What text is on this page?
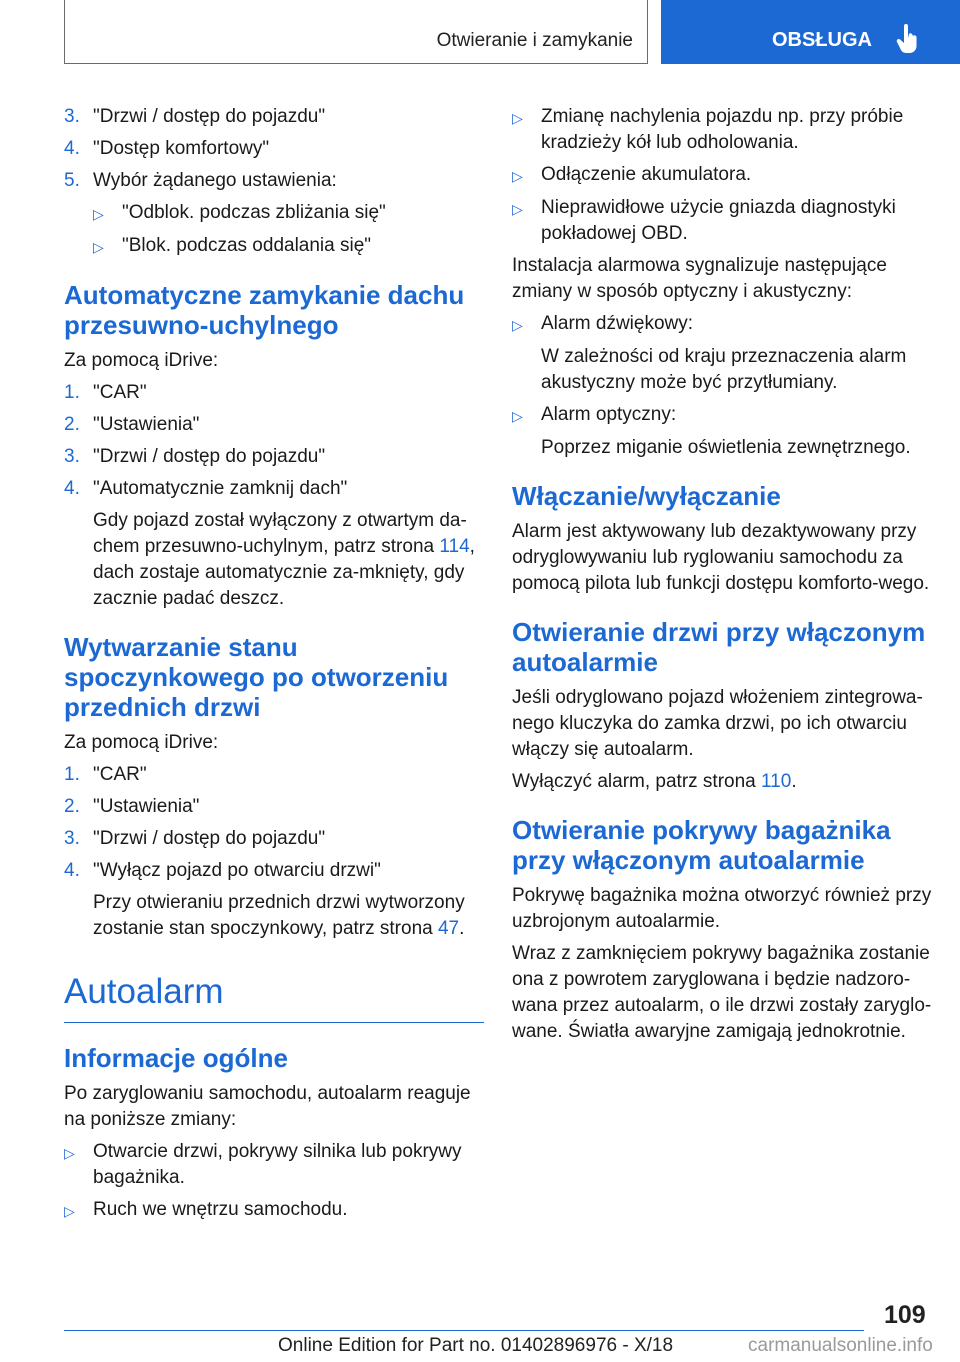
Otwieranie i zamykanie	OBSŁUGA
3. "Drzwi / dostęp do pojazdu"
4. "Dostęp komfortowy"
5. Wybór żądanego ustawienia:
▷ "Odblok. podczas zbliżania się"
▷ "Blok. podczas oddalania się"
Automatyczne zamykanie dachu przesuwno-uchylnego

Za pomocą iDrive:

1. "CAR"
2. "Ustawienia"
3. "Drzwi / dostęp do pojazdu"
4. "Automatycznie zamknij dach"
Gdy pojazd został wyłączony z otwartym da‐chem przesuwno-uchylnym, patrz strona 114, dach zostaje automatycznie za‐mknięty, gdy zacznie padać deszcz.
Wytwarzanie stanu spoczynkowego po otworzeniu przednich drzwi

Za pomocą iDrive:

1. "CAR"
2. "Ustawienia"
3. "Drzwi / dostęp do pojazdu"
4. "Wyłącz pojazd po otwarciu drzwi"
Przy otwieraniu przednich drzwi wytworzony zostanie stan spoczynkowy, patrz strona 47.
Autoalarm
Informacje ogólne

Po zaryglowaniu samochodu, autoalarm reaguje na poniższe zmiany:

▷ Otwarcie drzwi, pokrywy silnika lub pokrywy bagażnika.
▷ Ruch we wnętrzu samochodu.
▷ Zmianę nachylenia pojazdu np. przy próbie kradzieży kół lub odholowania.
▷ Odłączenie akumulatora.
▷ Nieprawidłowe użycie gniazda diagnostyki pokładowej OBD.

Instalacja alarmowa sygnalizuje następujące zmiany w sposób optyczny i akustyczny:

▷ Alarm dźwiękowy:
W zależności od kraju przeznaczenia alarm akustyczny może być przytłumiany.
▷ Alarm optyczny:
Poprzez miganie oświetlenia zewnętrznego.
Włączanie/wyłączanie

Alarm jest aktywowany lub dezaktywowany przy odryglowywaniu lub ryglowaniu samochodu za pomocą pilota lub funkcji dostępu komforto‐wego.

Otwieranie drzwi przy włączonym autoalarmie

Jeśli odryglowano pojazd włożeniem zintegrowa‐nego kluczyka do zamka drzwi, po ich otwarciu włączy się autoalarm.

Wyłączyć alarm, patrz strona 110.

Otwieranie pokrywy bagażnika przy włączonym autoalarmie

Pokrywę bagażnika można otworzyć również przy uzbrojonym autoalarmie.

Wraz z zamknięciem pokrywy bagażnika zostanie ona z powrotem zaryglowana i będzie nadzoro‐wana przez autoalarm, o ile drzwi zostały zaryglo‐wane. Światła awaryjne zamigają jednokrotnie.

109
Online Edition for Part no. 01402896976 - X/18	carmanualsonline.info
